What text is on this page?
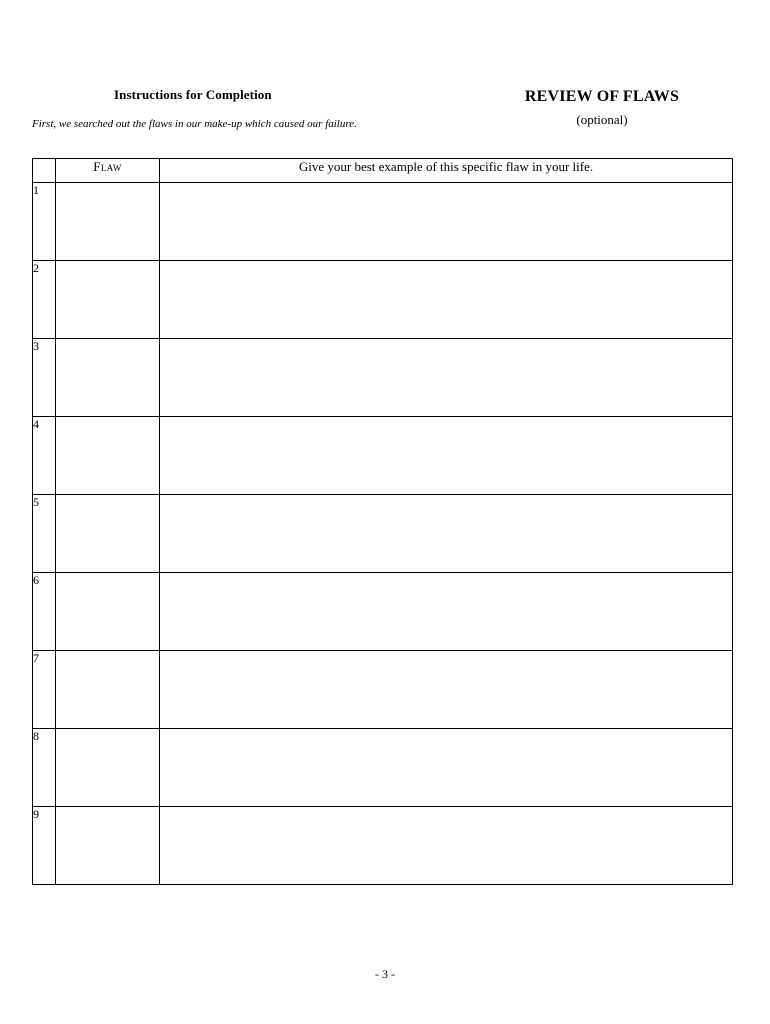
Instructions for Completion	REVIEW OF FLAWS
(optional)
First, we searched out the flaws in our make-up which caused our failure.
	Flaw	Give your best example of this specific flaw in your life.
1		
2		
3		
4		
5		
6		
7		
8		
9		
- 3 -
